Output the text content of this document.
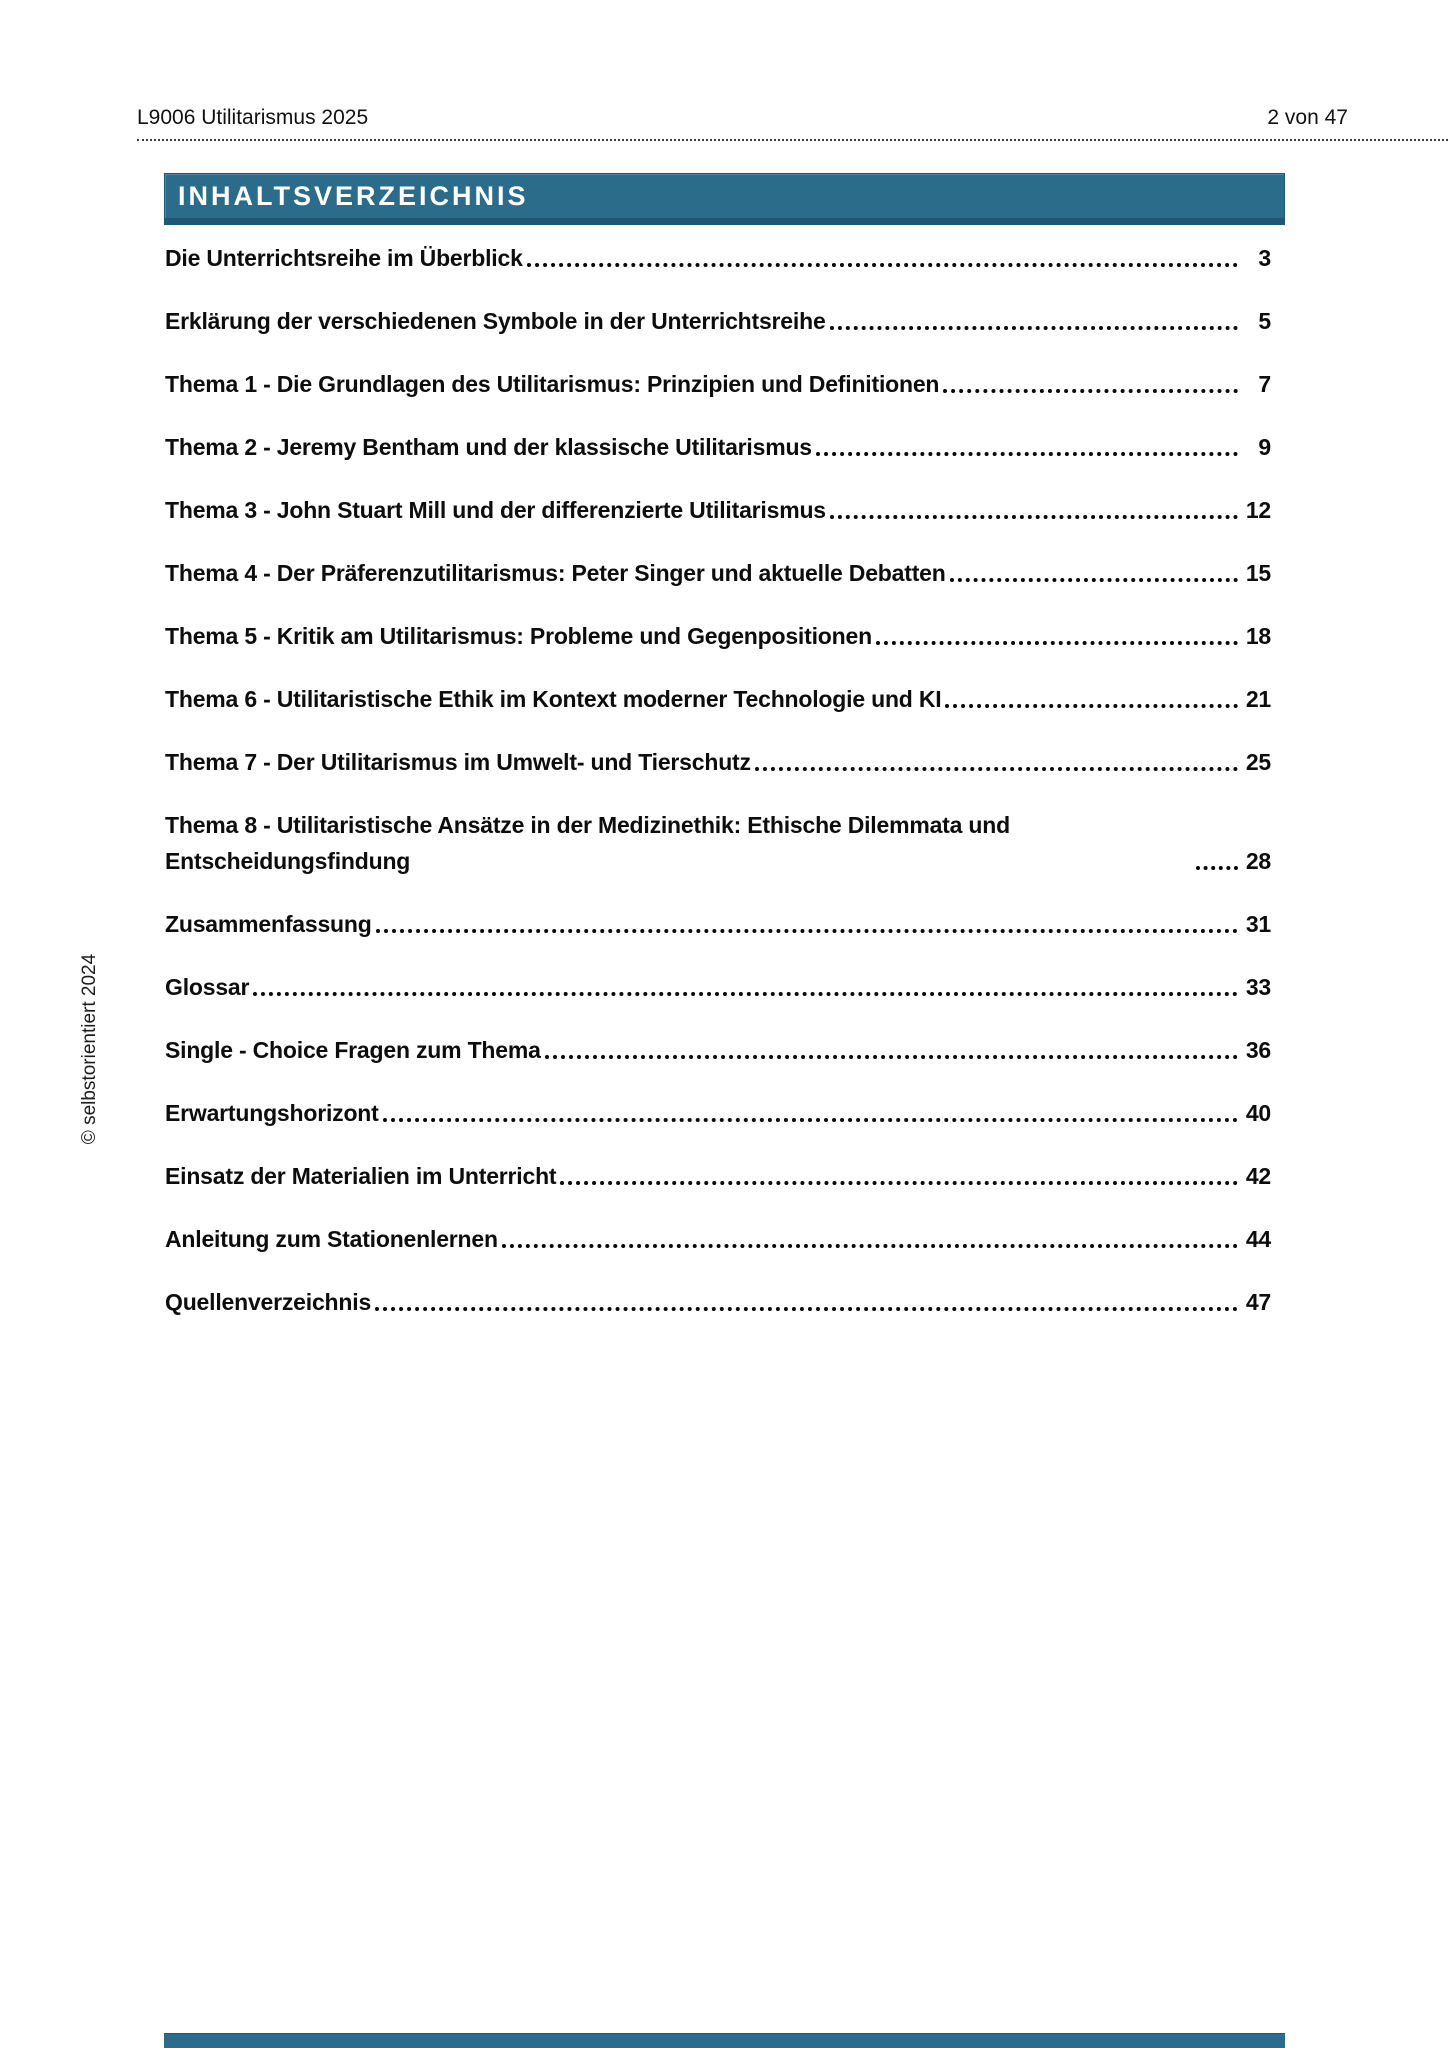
L9006 Utilitarismus 2025	2 von 47
INHALTSVERZEICHNIS
Die Unterrichtsreihe im Überblick	3
Erklärung der verschiedenen Symbole in der Unterrichtsreihe	5
Thema 1 - Die Grundlagen des Utilitarismus: Prinzipien und Definitionen	7
Thema 2 - Jeremy Bentham und der klassische Utilitarismus	9
Thema 3 - John Stuart Mill und der differenzierte Utilitarismus	12
Thema 4 - Der Präferenzutilitarismus: Peter Singer und aktuelle Debatten	15
Thema 5 - Kritik am Utilitarismus: Probleme und Gegenpositionen	18
Thema 6 - Utilitaristische Ethik im Kontext moderner Technologie und KI	21
Thema 7 - Der Utilitarismus im Umwelt- und Tierschutz	25
Thema 8 - Utilitaristische Ansätze in der Medizinethik: Ethische Dilemmata und Entscheidungsfindung	28
Zusammenfassung	31
Glossar	33
Single - Choice Fragen zum Thema	36
Erwartungshorizont	40
Einsatz der Materialien im Unterricht	42
Anleitung zum Stationenlernen	44
Quellenverzeichnis	47
© selbstorientiert 2024
